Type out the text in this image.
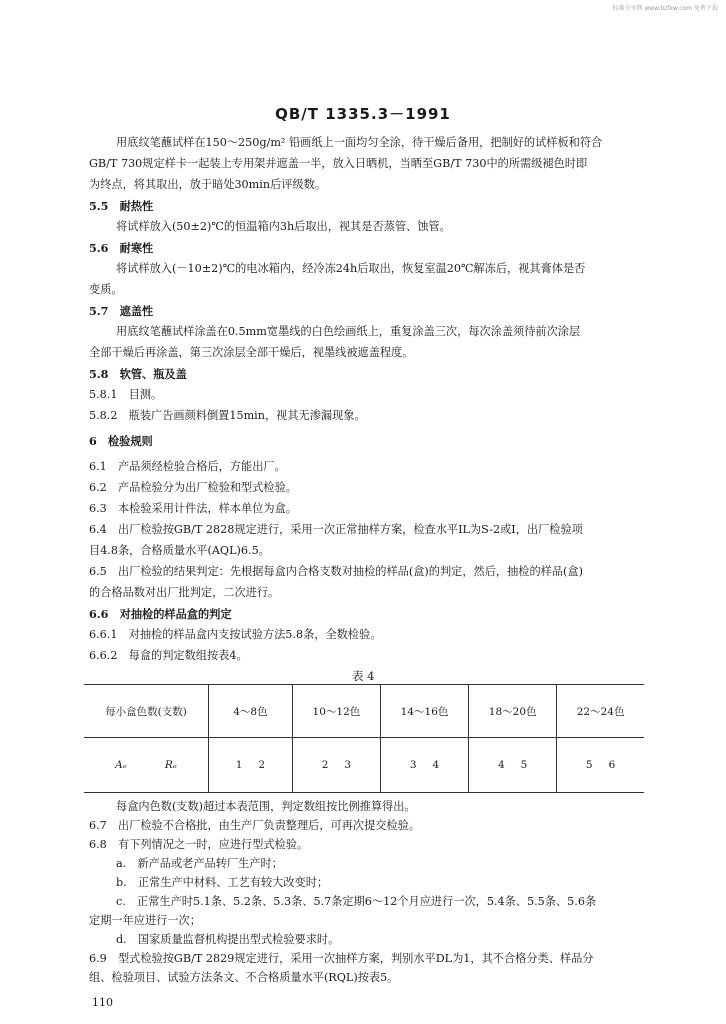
标准分享网 www.bzfxw.com 免费下载
QB/T 1335.3－1991
用底纹笔蘸试样在150～250g/m² 铅画纸上一面均匀全涂，待干燥后备用，把制好的试样板和符合
GB/T 730规定样卡一起装上专用架并遮盖一半，放入日晒机，当晒至GB/T 730中的所需级褪色时即
为终点，将其取出，放于暗处30min后评级数。
5.5　耐热性
将试样放入(50±2)℃的恒温箱内3h后取出，视其是否蒸管、蚀管。
5.6　耐寒性
将试样放入(－10±2)℃的电冰箱内，经冷冻24h后取出，恢复室温20℃解冻后，视其膏体是否
变质。
5.7　遮盖性
用底纹笔蘸试样涂盖在0.5mm宽墨线的白色绘画纸上，重复涂盖三次，每次涂盖须待前次涂层
全部干燥后再涂盖，第三次涂层全部干燥后，视墨线被遮盖程度。
5.8　软管、瓶及盖
5.8.1　目测。
5.8.2　瓶装广告画颜料倒置15min，视其无渗漏现象。
6　检验规则
6.1　产品须经检验合格后，方能出厂。
6.2　产品检验分为出厂检验和型式检验。
6.3　本检验采用计件法，样本单位为盒。
6.4　出厂检验按GB/T 2828规定进行，采用一次正常抽样方案，检查水平IL为S-2或I，出厂检验项
目4.8条，合格质量水平(AQL)6.5。
6.5　出厂检验的结果判定：先根据每盒内合格支数对抽检的样品(盒)的判定，然后，抽检的样品(盒)
的合格品数对出厂批判定，二次进行。
6.6　对抽检的样品盒的判定
6.6.1　对抽检的样品盒内支按试验方法5.8条，全数检验。
6.6.2　每盒的判定数组按表4。
表 4
每小盒色数(支数)	4～8色	10～12色	14～16色	18～20色	22～24色
Aₑ Rₑ	1 2	2 3	3 4	4 5	5 6
每盒内色数(支数)超过本表范围，判定数组按比例推算得出。
6.7　出厂检验不合格批，由生产厂负责整理后，可再次提交检验。
6.8　有下列情况之一时，应进行型式检验。
a.　新产品或老产品转厂生产时；
b.　正常生产中材料、工艺有较大改变时；
c.　正常生产时5.1条、5.2条、5.3条、5.7条定期6～12个月应进行一次，5.4条、5.5条、5.6条
定期一年应进行一次；
d.　国家质量监督机构提出型式检验要求时。
6.9　型式检验按GB/T 2829规定进行，采用一次抽样方案，判别水平DL为1，其不合格分类、样品分
组、检验项目、试验方法条文、不合格质量水平(RQL)按表5。
110
